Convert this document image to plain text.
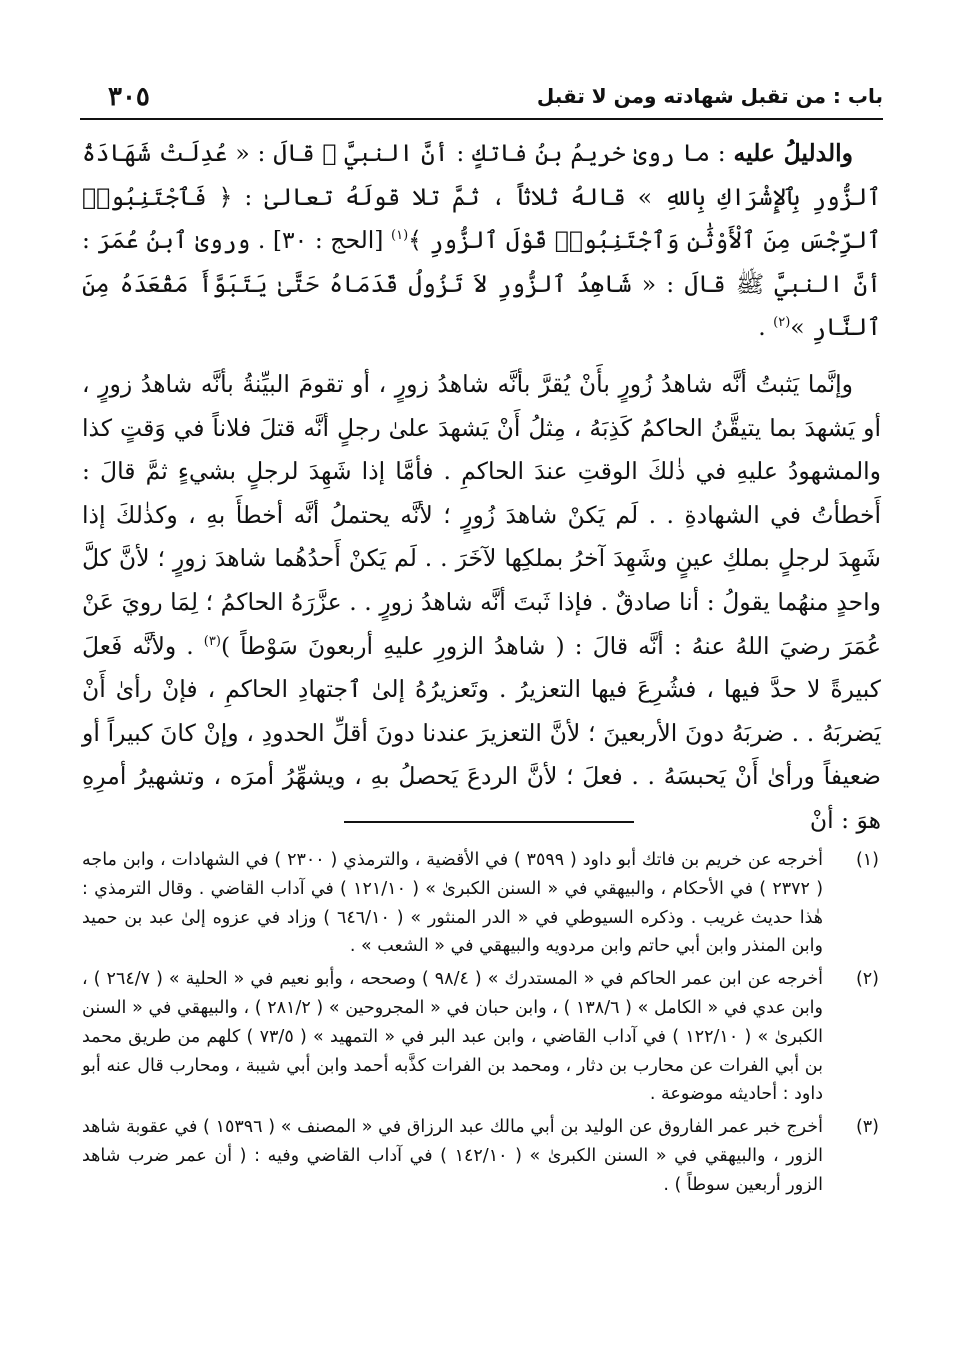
٣٠٥	باب : من تقبل شهادته ومن لا تقبل

والدليلُ عليه : ما روىٰ خريمُ بنُ فاتكٍ : أنَّ النبيَّ ﷺ قالَ : « عُدِلَتْ شَهَادَةُ ٱلزُّورِ بِٱلإِشْرَاكِ بِاللهِ » قالهُ ثلاثاً ، ثمَّ تلا قولَهُ تعالىٰ : ﴿ فَٱجْتَنِبُوا۟ ٱلرِّجْسَ مِنَ ٱلْأَوْثَٰنِ وَٱجْتَنِبُوا۟ قَوْلَ ٱلزُّورِ ﴾$^{(١)}$ [الحج : ٣٠] . وروىٰ ٱبنُ عُمَرَ : أنَّ النبيَّ ﷺ قالَ : « شَاهِدُ ٱلزُّورِ لاَ تَزُولُ قَدَمَاهُ حَتَّىٰ يَتَبَوَّأَ مَقْعَدَهُ مِنَ ٱلنَّارِ »$^{(٢)}$ .

وإنَّما يَثبتُ أنَّه شاهدُ زُورٍ بأَنْ يُقرَّ بأنَّه شاهدُ زورٍ ، أو تقومَ البيِّنةُ بأنَّه شاهدُ زورٍ ، أو يَشهدَ بما يتيقَّنُ الحاكمُ كَذِبَهُ ، مِثلُ أَنْ يَشهدَ علىٰ رجلٍ أنَّه قتلَ فلاناً في وَقتٍ كذا والمشهودُ عليهِ في ذٰلكَ الوقتِ عندَ الحاكمِ . فأمَّا إذا شَهِدَ لرجلٍ بشيءٍ ثمَّ قالَ : أَخطأتُ في الشهادةِ . . لَم يَكنْ شاهدَ زُورٍ ؛ لأنَّه يحتملُ أنَّه أخطأَ بهِ ، وكذٰلكَ إذا شَهِدَ لرجلٍ بملكِ عينٍ وشَهِدَ آخرُ بملكِها لآخَرَ . . لَم يَكنْ أَحدُهُما شاهدَ زورٍ ؛ لأنَّ كلَّ واحدٍ منهُما يقولُ : أنا صادقٌ . فإذا ثَبتَ أنَّه شاهدُ زورٍ . . عزَّرَهُ الحاكمُ ؛ لِمَا رويَ عَنْ عُمَرَ رضيَ اللهُ عنهُ : أنَّه قالَ : ( شاهدُ الزورِ عليهِ أربعونَ سَوْطاً )$^{(٣)}$ . ولأنَّه فَعلَ كبيرةً لا حدَّ فيها ، فشُرِعَ فيها التعزيرُ . وتَعزيرُهُ إلىٰ ٱجتهادِ الحاكمِ ، فإنْ رأىٰ أَنْ يَضربَهُ . . ضربَهُ دونَ الأربعينَ ؛ لأنَّ التعزيرَ عندنا دونَ أقلِّ الحدودِ ، وإنْ كانَ كبيراً أو ضعيفاً ورأىٰ أَنْ يَحبسَهُ . . فعلَ ؛ لأنَّ الردعَ يَحصلُ بهِ ، ويشهِّرُ أمرَه ، وتشهيرُ أمرِهِ هوَ : أنْ

(١)
أخرجه عن خريم بن فاتك أبو داود ( ٣٥٩٩ ) في الأقضية ، والترمذي ( ٢٣٠٠ ) في الشهادات ، وابن ماجه ( ٢٣٧٢ ) في الأحكام ، والبيهقي في « السنن الكبرىٰ » ( ١٢١/١٠ ) في آداب القاضي . وقال الترمذي : هٰذا حديث غريب . وذكره السيوطي في « الدر المنثور » ( ٦٤٦/١٠ ) وزاد في عزوه إلىٰ عبد بن حميد وابن المنذر وابن أبي حاتم وابن مردويه والبيهقي في « الشعب » .
(٢)
أخرجه عن ابن عمر الحاكم في « المستدرك » ( ٩٨/٤ ) وصححه ، وأبو نعيم في « الحلية » ( ٢٦٤/٧ ) ، وابن عدي في « الكامل » ( ١٣٨/٦ ) ، وابن حبان في « المجروحين » ( ٢٨١/٢ ) ، والبيهقي في « السنن الكبرىٰ » ( ١٢٢/١٠ ) في آداب القاضي ، وابن عبد البر في « التمهيد » ( ٧٣/٥ ) كلهم من طريق محمد بن أبي الفرات عن محارب بن دثار ، ومحمد بن الفرات كذَّبه أحمد وابن أبي شيبة ، ومحارب قال عنه أبو داود : أحاديثه موضوعة .
(٣)
أخرج خبر عمر الفاروق عن الوليد بن أبي مالك عبد الرزاق في « المصنف » ( ١٥٣٩٦ ) في عقوبة شاهد الزور ، والبيهقي في « السنن الكبرىٰ » ( ١٤٢/١٠ ) في آداب القاضي وفيه : ( أن عمر ضرب شاهد الزور أربعين سوطاً ) .
